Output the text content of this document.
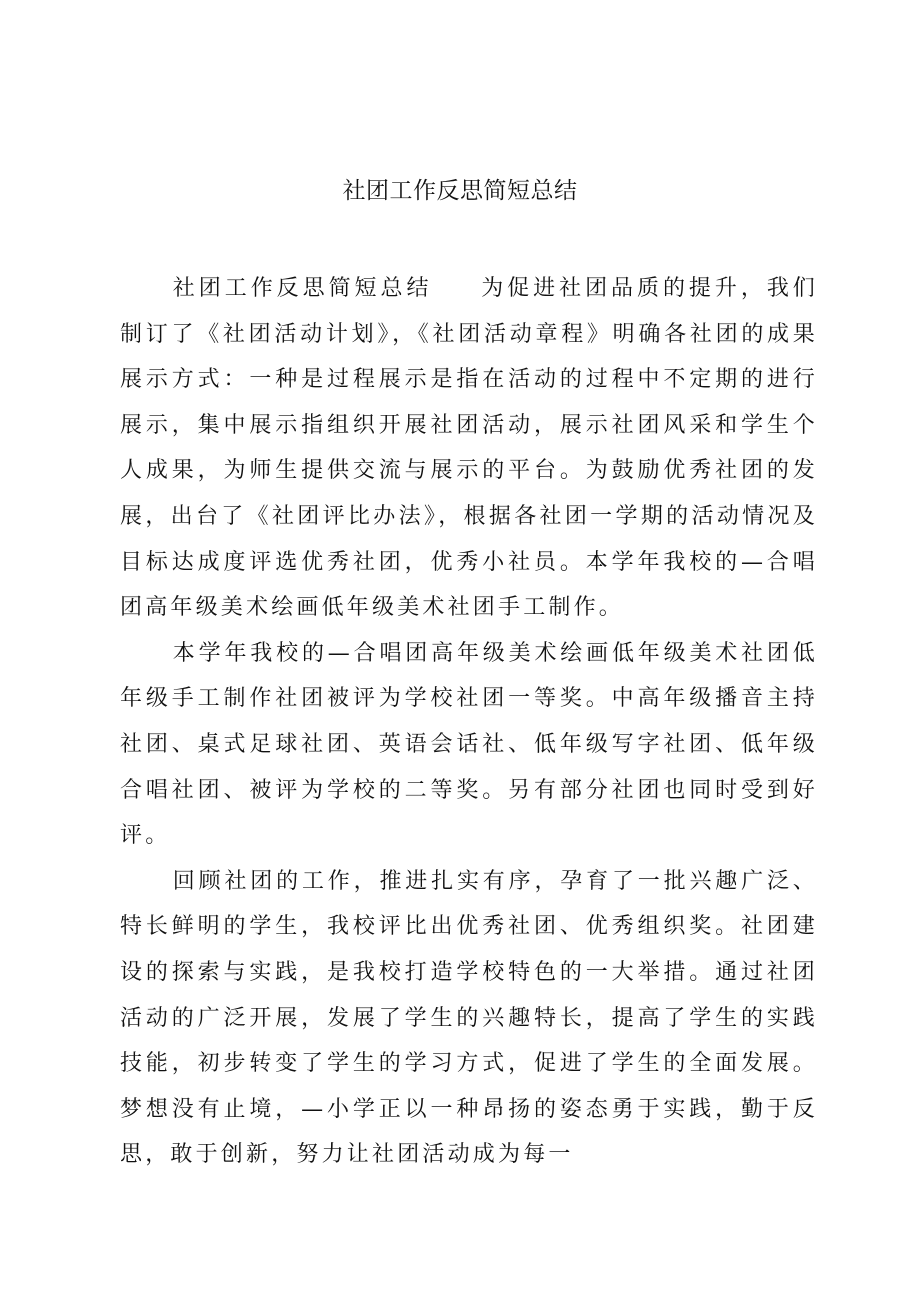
社团工作反思简短总结

社团工作反思简短总结 为促进社团品质的提升，我们制订了《社团活动计划》，《社团活动章程》明确各社团的成果展示方式：一种是过程展示是指在活动的过程中不定期的进行展示，集中展示指组织开展社团活动，展示社团风采和学生个人成果，为师生提供交流与展示的平台。为鼓励优秀社团的发展，出台了《社团评比办法》，根据各社团一学期的活动情况及目标达成度评选优秀社团，优秀小社员。本学年我校的—合唱团高年级美术绘画低年级美术社团手工制作。

本学年我校的—合唱团高年级美术绘画低年级美术社团低年级手工制作社团被评为学校社团一等奖。中高年级播音主持社团、桌式足球社团、英语会话社、低年级写字社团、低年级合唱社团、被评为学校的二等奖。另有部分社团也同时受到好评。

回顾社团的工作，推进扎实有序，孕育了一批兴趣广泛、特长鲜明的学生，我校评比出优秀社团、优秀组织奖。社团建设的探索与实践，是我校打造学校特色的一大举措。通过社团活动的广泛开展，发展了学生的兴趣特长，提高了学生的实践技能，初步转变了学生的学习方式，促进了学生的全面发展。梦想没有止境，—小学正以一种昂扬的姿态勇于实践，勤于反思，敢于创新，努力让社团活动成为每一
